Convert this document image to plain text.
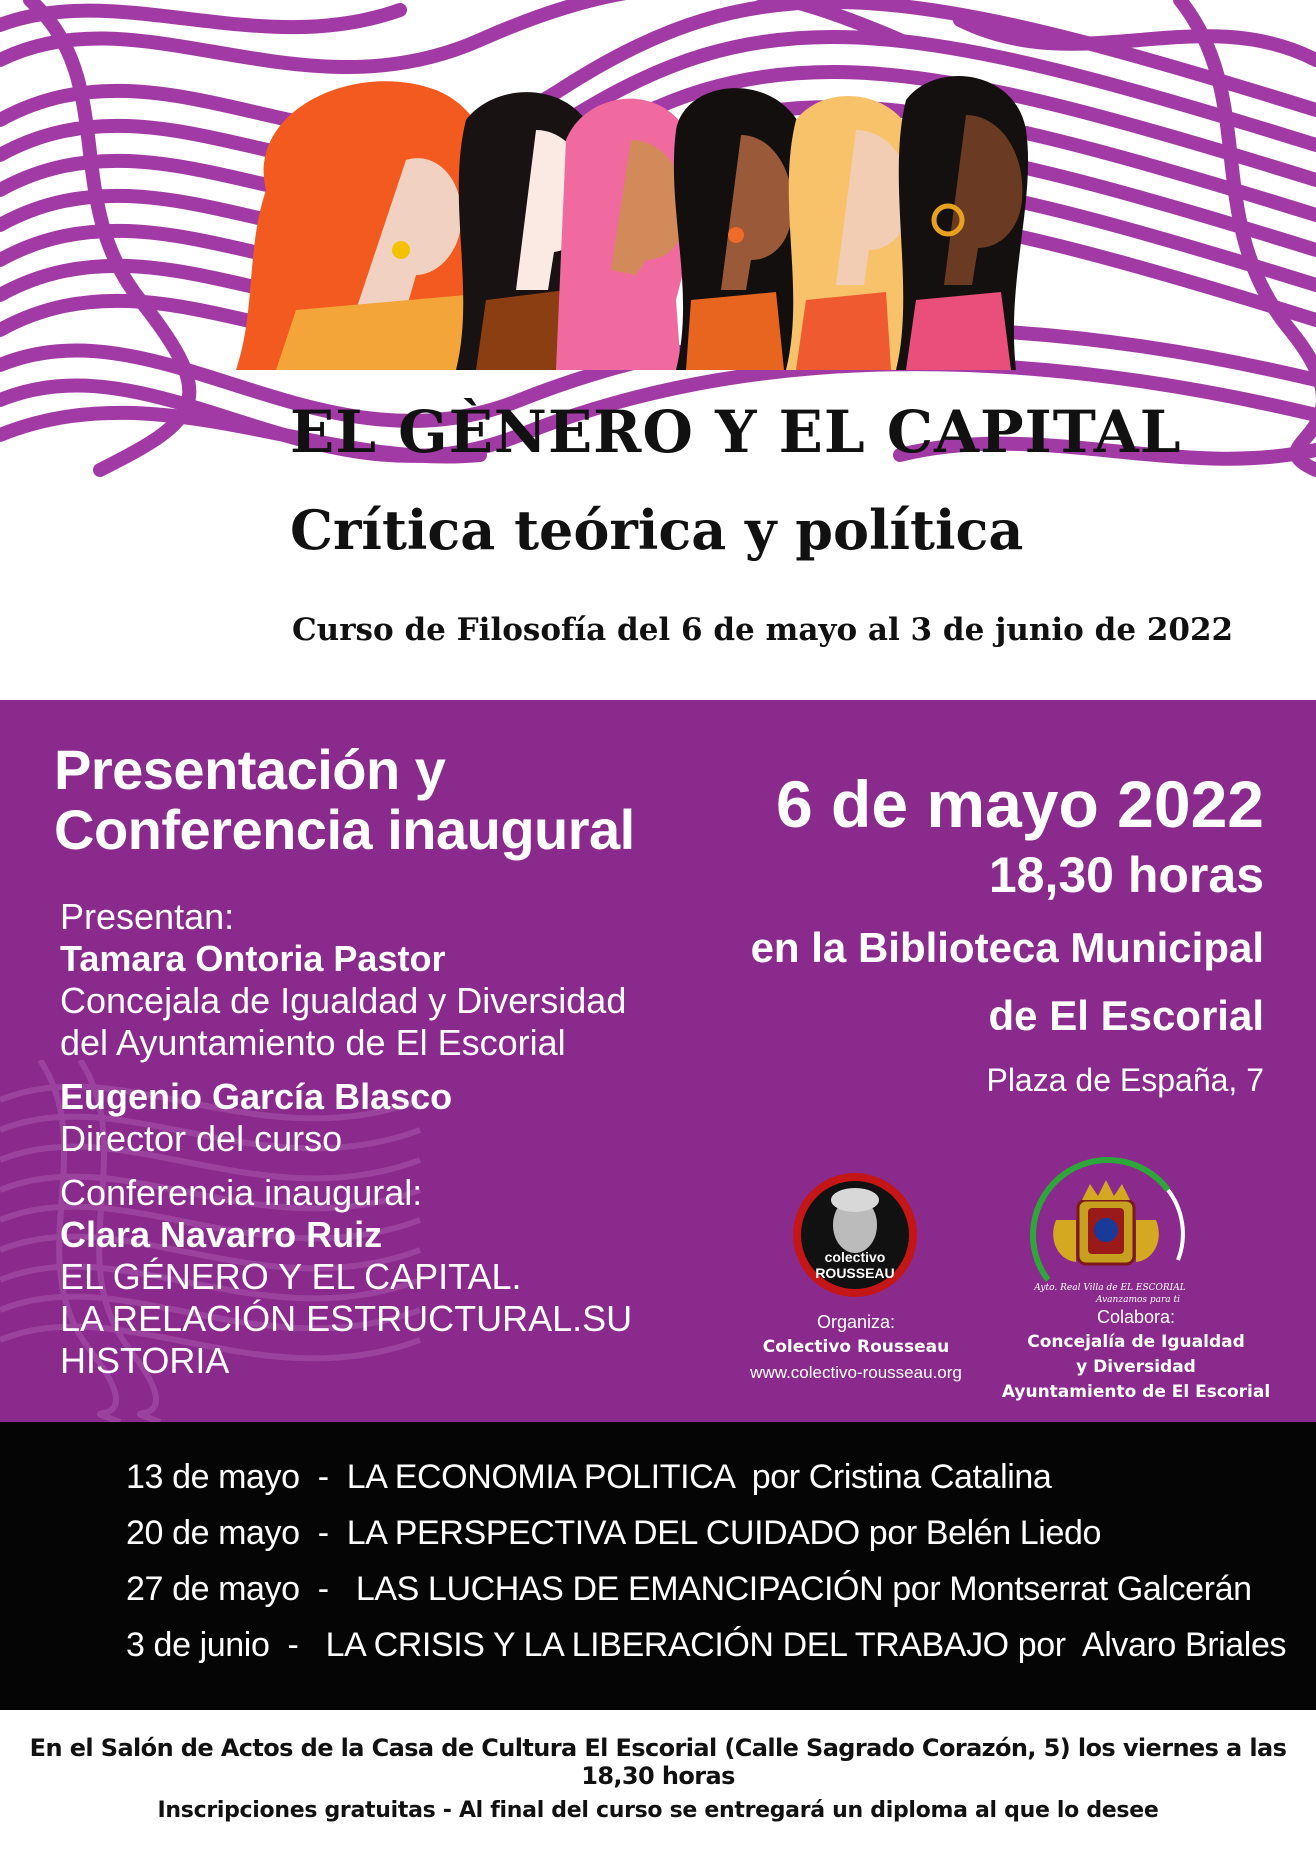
EL GÈNERO Y EL CAPITAL
Crítica teórica y política

Curso de Filosofía del 6 de mayo al 3 de junio de 2022

Presentación y
Conferencia inaugural
Presentan:
Tamara Ontoria Pastor
Concejala de Igualdad y Diversidad
del Ayuntamiento de El Escorial
Eugenio García Blasco
Director del curso
Conferencia inaugural:
Clara Navarro Ruiz
EL GÉNERO Y EL CAPITAL.
LA RELACIÓN ESTRUCTURAL.SU HISTORIA
6 de mayo 2022
18,30 horas
en la Biblioteca Municipal
de El Escorial
Plaza de España, 7
colectivo
ROUSSEAU
Ayto. Real Villa de EL ESCORIAL
Avanzamos para ti
Organiza:
Colectivo Rousseau
www.colectivo-rousseau.org
Colabora:
Concejalía de Igualdad
y Diversidad
Ayuntamiento de El Escorial
13 de mayo  -  LA ECONOMIA POLITICA  por Cristina Catalina
20 de mayo  -  LA PERSPECTIVA DEL CUIDADO por Belén Liedo
27 de mayo  -   LAS LUCHAS DE EMANCIPACIÓN por Montserrat Galcerán
3 de junio  -   LA CRISIS Y LA LIBERACIÓN DEL TRABAJO por  Alvaro Briales
En el Salón de Actos de la Casa de Cultura El Escorial (Calle Sagrado Corazón, 5) los viernes a las 18,30 horas
Inscripciones gratuitas - Al final del curso se entregará un diploma al que lo desee
